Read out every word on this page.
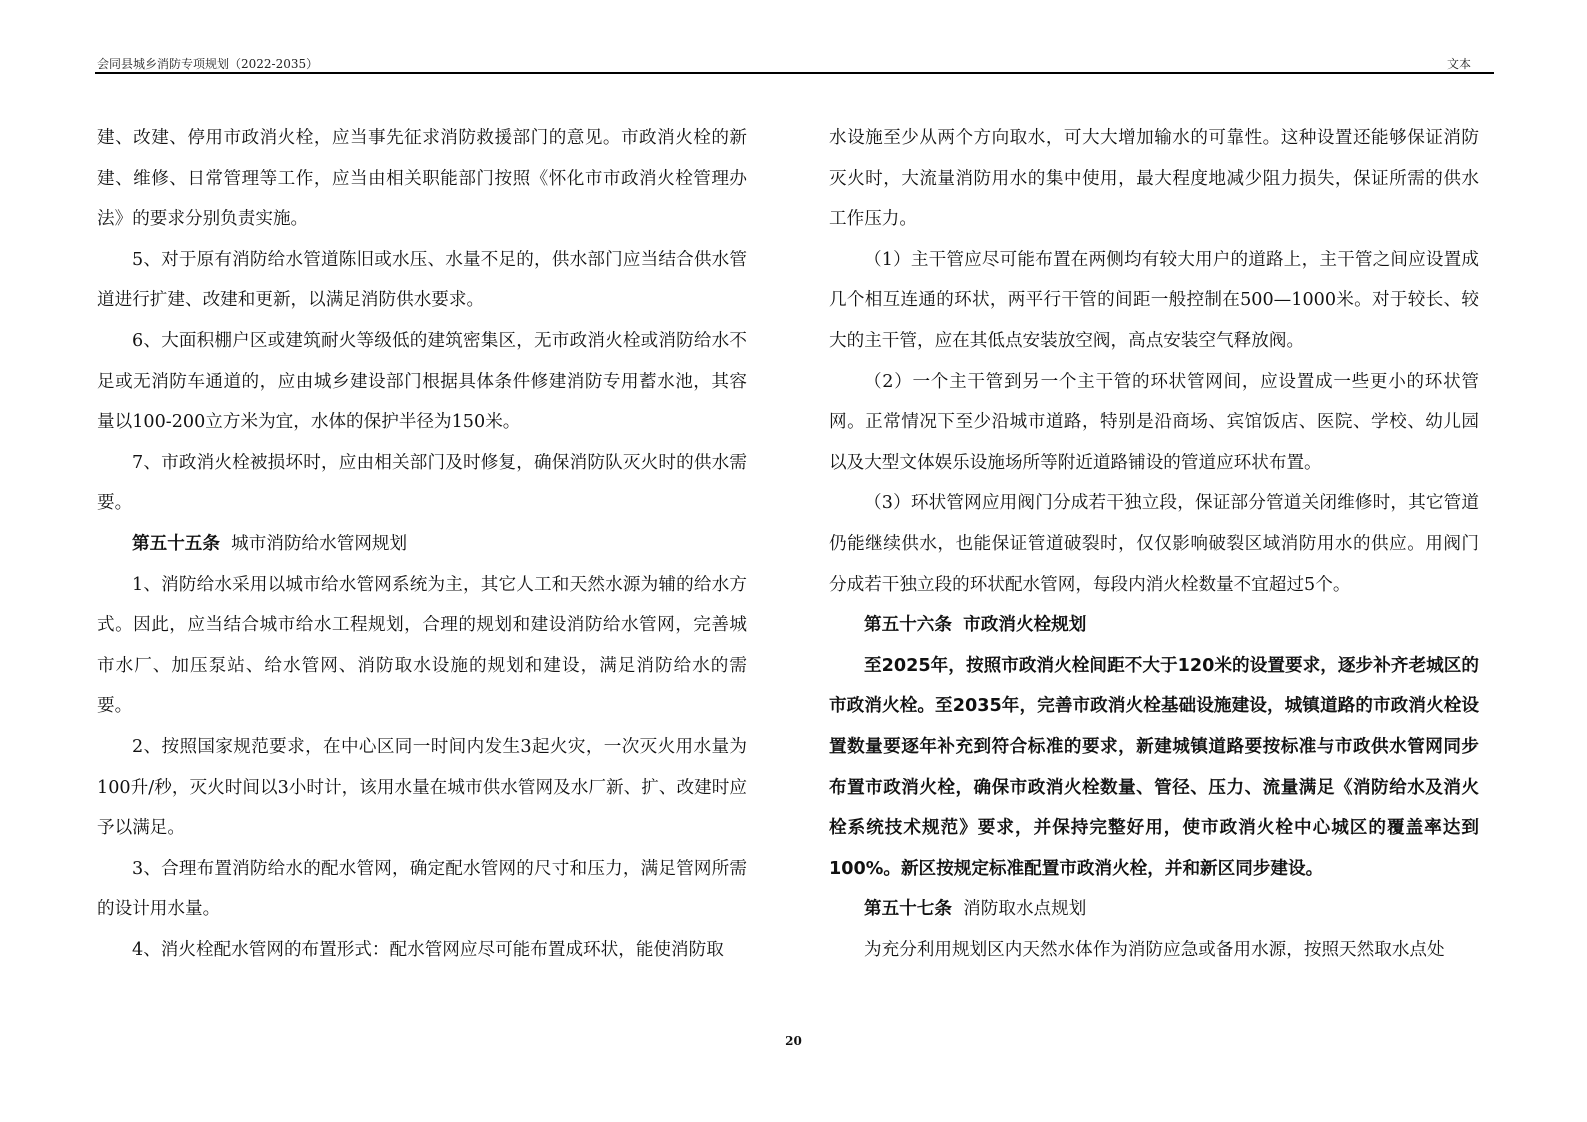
会同县城乡消防专项规划（2022-2035）	文本

建、改建、停用市政消火栓，应当事先征求消防救援部门的意见。市政消火栓的新建、维修、日常管理等工作，应当由相关职能部门按照《怀化市市政消火栓管理办法》的要求分别负责实施。

5、对于原有消防给水管道陈旧或水压、水量不足的，供水部门应当结合供水管道进行扩建、改建和更新，以满足消防供水要求。

6、大面积棚户区或建筑耐火等级低的建筑密集区，无市政消火栓或消防给水不足或无消防车通道的，应由城乡建设部门根据具体条件修建消防专用蓄水池，其容量以100-200立方米为宜，水体的保护半径为150米。

7、市政消火栓被损坏时，应由相关部门及时修复，确保消防队灭火时的供水需要。

第五十五条 城市消防给水管网规划

1、消防给水采用以城市给水管网系统为主，其它人工和天然水源为辅的给水方式。因此，应当结合城市给水工程规划，合理的规划和建设消防给水管网，完善城市水厂、加压泵站、给水管网、消防取水设施的规划和建设，满足消防给水的需要。

2、按照国家规范要求，在中心区同一时间内发生3起火灾，一次灭火用水量为100升/秒，灭火时间以3小时计，该用水量在城市供水管网及水厂新、扩、改建时应予以满足。

3、合理布置消防给水的配水管网，确定配水管网的尺寸和压力，满足管网所需的设计用水量。

4、消火栓配水管网的布置形式：配水管网应尽可能布置成环状，能使消防取

水设施至少从两个方向取水，可大大增加输水的可靠性。这种设置还能够保证消防灭火时，大流量消防用水的集中使用，最大程度地减少阻力损失，保证所需的供水工作压力。

（1）主干管应尽可能布置在两侧均有较大用户的道路上，主干管之间应设置成几个相互连通的环状，两平行干管的间距一般控制在500—1000米。对于较长、较大的主干管，应在其低点安装放空阀，高点安装空气释放阀。

（2）一个主干管到另一个主干管的环状管网间，应设置成一些更小的环状管网。正常情况下至少沿城市道路，特别是沿商场、宾馆饭店、医院、学校、幼儿园以及大型文体娱乐设施场所等附近道路铺设的管道应环状布置。

（3）环状管网应用阀门分成若干独立段，保证部分管道关闭维修时，其它管道仍能继续供水，也能保证管道破裂时，仅仅影响破裂区域消防用水的供应。用阀门分成若干独立段的环状配水管网，每段内消火栓数量不宜超过5个。

第五十六条 市政消火栓规划

至2025年，按照市政消火栓间距不大于120米的设置要求，逐步补齐老城区的市政消火栓。至2035年，完善市政消火栓基础设施建设，城镇道路的市政消火栓设置数量要逐年补充到符合标准的要求，新建城镇道路要按标准与市政供水管网同步布置市政消火栓，确保市政消火栓数量、管径、压力、流量满足《消防给水及消火栓系统技术规范》要求，并保持完整好用，使市政消火栓中心城区的覆盖率达到100%。新区按规定标准配置市政消火栓，并和新区同步建设。

第五十七条 消防取水点规划

为充分利用规划区内天然水体作为消防应急或备用水源，按照天然取水点处

20
